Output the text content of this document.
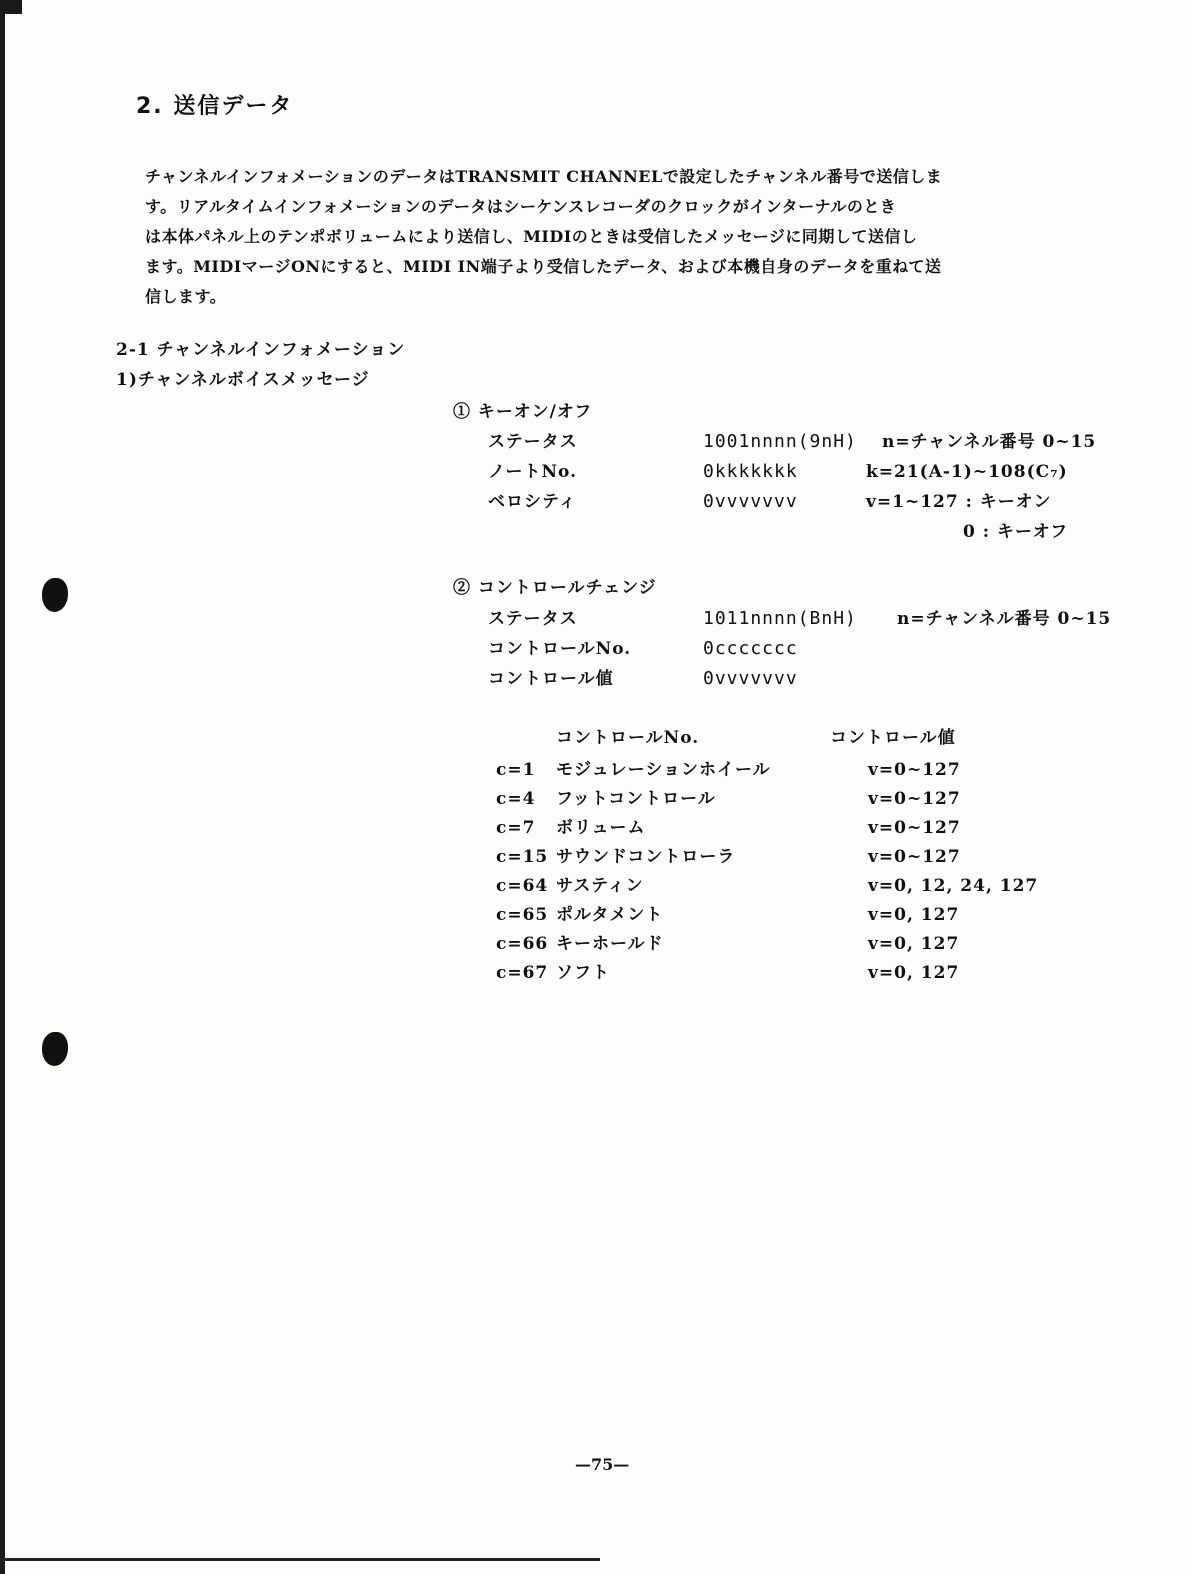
2. 送信データ
チャンネルインフォメーションのデータはTRANSMIT CHANNELで設定したチャンネル番号で送信しま
す。リアルタイムインフォメーションのデータはシーケンスレコーダのクロックがインターナルのとき
は本体パネル上のテンポボリュームにより送信し、MIDIのときは受信したメッセージに同期して送信し
ます。MIDIマージONにすると、MIDI IN端子より受信したデータ、および本機自身のデータを重ねて送
信します。
2-1 チャンネルインフォメーション
1)チャンネルボイスメッセージ
① キーオン/オフ
ステータス	1001nnnn(9nH) n=チャンネル番号 0~15
ノートNo.	0kkkkkkk	k=21(A-1)~108(C₇)
ベロシティ	0vvvvvvv	v=1~127 : キーオン
0 : キーオフ
② コントロールチェンジ
ステータス	1011nnnn(BnH) n=チャンネル番号 0~15
コントロールNo.	0ccccccc
コントロール値	0vvvvvvv
コントロールNo.	コントロール値
c=1 モジュレーションホイール	v=0~127
c=4 フットコントロール	v=0~127
c=7 ボリューム	v=0~127
c=15 サウンドコントローラ	v=0~127
c=64 サスティン	v=0, 12, 24, 127
c=65 ポルタメント	v=0, 127
c=66 キーホールド	v=0, 127
c=67 ソフト	v=0, 127
—75—
